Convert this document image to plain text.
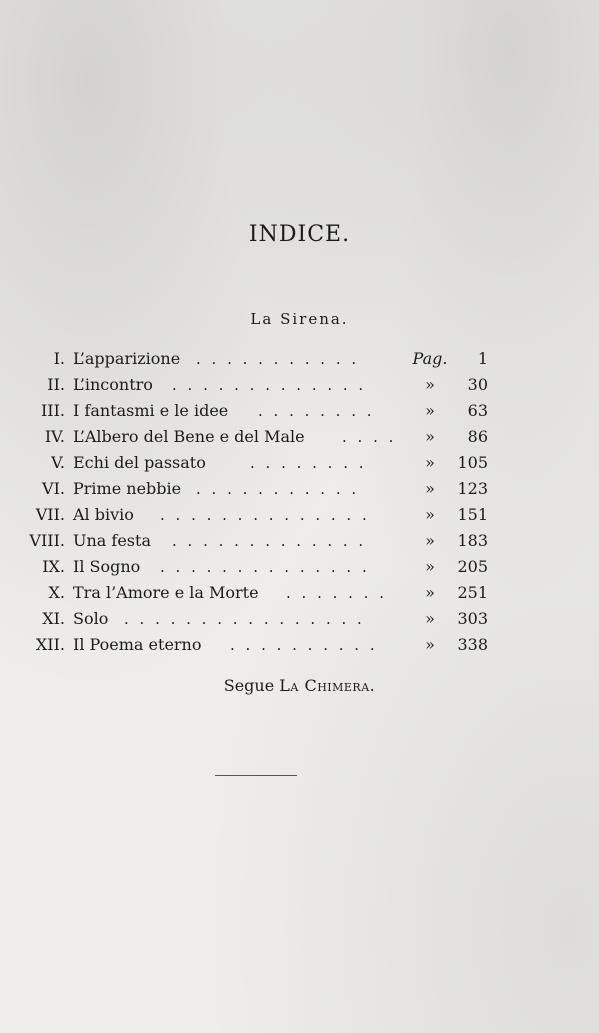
INDICE.
La Sirena.
I. L’apparizione . . . . . . . . . . .	Pag. 1
II. L’incontro . . . . . . . . . . . . .	»	30
III. I fantasmi e le idee . . . . . . . .	»	63
IV. L’Albero del Bene e del Male . . . .	»	86
V. Echi del passato	. . . . . . . .	»	105
VI. Prime nebbie . . . . . . . . . . .	»	123
VII. Al bivio . . . . . . . . . . . . . .	»	151
VIII. Una festa . . . . . . . . . . . . .	»	183
IX. Il Sogno . . . . . . . . . . . . . .	»	205
X. Tra l’Amore e la Morte . . . . . . .	»	251
XI. Solo . . . . . . . . . . . . . . . .	»	303
XII. Il Poema eterno . . . . . . . . . .	»	338
Segue La Chimera.
